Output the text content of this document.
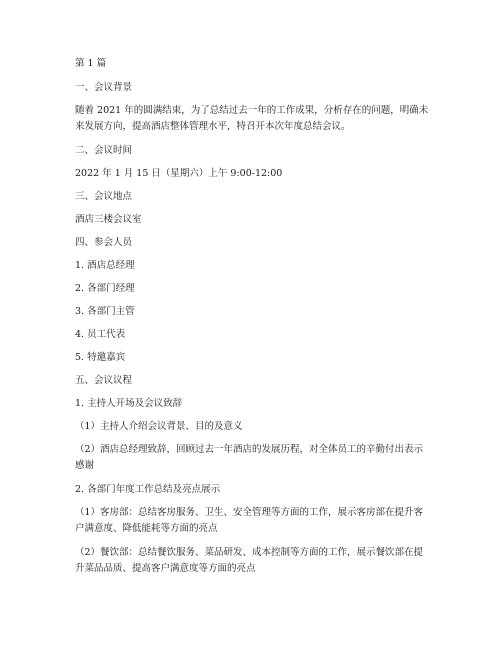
第 1 篇
一、会议背景
随着 2021 年的圆满结束，为了总结过去一年的工作成果，分析存在的问题，明确未来发展方向，提高酒店整体管理水平，特召开本次年度总结会议。
二、会议时间
2022 年 1 月 15 日（星期六）上午 9:00-12:00
三、会议地点
酒店三楼会议室
四、参会人员
1. 酒店总经理
2. 各部门经理
3. 各部门主管
4. 员工代表
5. 特邀嘉宾
五、会议议程
1. 主持人开场及会议致辞
（1）主持人介绍会议背景、目的及意义
（2）酒店总经理致辞，回顾过去一年酒店的发展历程，对全体员工的辛勤付出表示感谢
2. 各部门年度工作总结及亮点展示
（1）客房部：总结客房服务、卫生、安全管理等方面的工作，展示客房部在提升客户满意度、降低能耗等方面的亮点
（2）餐饮部：总结餐饮服务、菜品研发、成本控制等方面的工作，展示餐饮部在提升菜品品质、提高客户满意度等方面的亮点
